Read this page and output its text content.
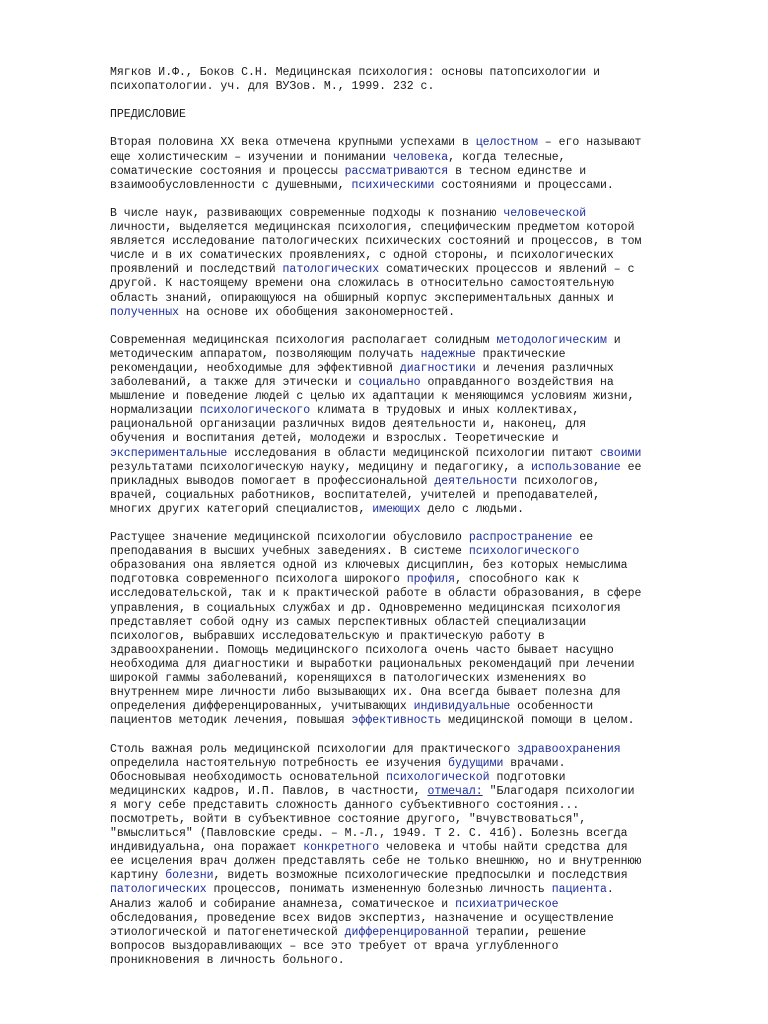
Мягков И.Ф., Боков С.Н. Медицинская психология: основы патопсихологии и
психопатологии. уч. для ВУЗов. М., 1999. 232 с.
ПРЕДИСЛОВИЕ
Вторая половина XX века отмечена крупными успехами в целостном – его называют
еще холистическим – изучении и понимании человека, когда телесные,
соматические состояния и процессы рассматриваются в тесном единстве и
взаимообусловленности с душевными, психическими состояниями и процессами.
В числе наук, развивающих современные подходы к познанию человеческой
личности, выделяется медицинская психология, специфическим предметом которой
является исследование патологических психических состояний и процессов, в том
числе и в их соматических проявлениях, с одной стороны, и психологических
проявлений и последствий патологических соматических процессов и явлений – с
другой. К настоящему времени она сложилась в относительно самостоятельную
область знаний, опирающуюся на обширный корпус экспериментальных данных и
полученных на основе их обобщения закономерностей.
Современная медицинская психология располагает солидным методологическим и
методическим аппаратом, позволяющим получать надежные практические
рекомендации, необходимые для эффективной диагностики и лечения различных
заболеваний, а также для этически и социально оправданного воздействия на
мышление и поведение людей с целью их адаптации к меняющимся условиям жизни,
нормализации психологического климата в трудовых и иных коллективах,
рациональной организации различных видов деятельности и, наконец, для
обучения и воспитания детей, молодежи и взрослых. Теоретические и
экспериментальные исследования в области медицинской психологии питают своими
результатами психологическую науку, медицину и педагогику, а использование ее
прикладных выводов помогает в профессиональной деятельности психологов,
врачей, социальных работников, воспитателей, учителей и преподавателей,
многих других категорий специалистов, имеющих дело с людьми.
Растущее значение медицинской психологии обусловило распространение ее
преподавания в высших учебных заведениях. В системе психологического
образования она является одной из ключевых дисциплин, без которых немыслима
подготовка современного психолога широкого профиля, способного как к
исследовательской, так и к практической работе в области образования, в сфере
управления, в социальных службах и др. Одновременно медицинская психология
представляет собой одну из самых перспективных областей специализации
психологов, выбравших исследовательскую и практическую работу в
здравоохранении. Помощь медицинского психолога очень часто бывает насущно
необходима для диагностики и выработки рациональных рекомендаций при лечении
широкой гаммы заболеваний, коренящихся в патологических изменениях во
внутреннем мире личности либо вызывающих их. Она всегда бывает полезна для
определения дифференцированных, учитывающих индивидуальные особенности
пациентов методик лечения, повышая эффективность медицинской помощи в целом.
Столь важная роль медицинской психологии для практического здравоохранения
определила настоятельную потребность ее изучения будущими врачами.
Обосновывая необходимость основательной психологической подготовки
медицинских кадров, И.П. Павлов, в частности, отмечал: "Благодаря психологии
я могу себе представить сложность данного субъективного состояния...
посмотреть, войти в субъективное состояние другого, "вчувствоваться",
"вмыслиться" (Павловские среды. – М.-Л., 1949. Т 2. С. 41б). Болезнь всегда
индивидуальна, она поражает конкретного человека и чтобы найти средства для
ее исцеления врач должен представлять себе не только внешнюю, но и внутреннюю
картину болезни, видеть возможные психологические предпосылки и последствия
патологических процессов, понимать измененную болезнью личность пациента.
Анализ жалоб и собирание анамнеза, соматическое и психиатрическое
обследования, проведение всех видов экспертиз, назначение и осуществление
этиологической и патогенетической дифференцированной терапии, решение
вопросов выздоравливающих – все это требует от врача углубленного
проникновения в личность больного.
